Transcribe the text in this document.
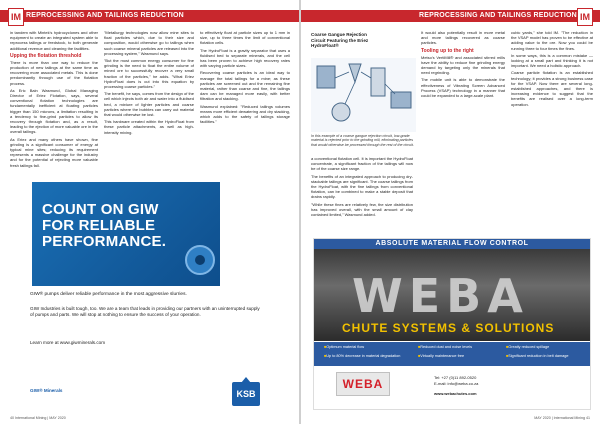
REPROCESSING AND TAILINGS REDUCTION
IM

in tandem with Mintek's hydrocyclones and other equipment to create an integrated system able to reprocess tailings or feedstock, to both generate additional revenue and cleaning the facilities.

Upping the flotation threshold

There is more than one way to reduce the production of new tailings at the same time as recovering more associated metals. This is done predominantly through use of the flotation process.

As Eric Bain Wasmund, Global Managing Director of Eriez Flotation, says, several conventional flotation technologies are fundamentally inefficient at floating particles bigger than 150 microns, a limitation resulting in a tendency to fine-grind particles to allow its recovery through flotation and, as a result, leading to the ejection of more valuable ore in the overall tailings.

As Eriez and many others have shown, fine grinding is a significant consumer of energy at typical mine sites; reducing its requirement represents a massive challenge for the industry and for the potential of rejecting more valuable fresh tailings fall.

"Metallurgy technologies now allow mine sites to float particles which, due to their size and composition, would otherwise go to tailings when such coarse mineral particles are released into the processing system," Wasmund says.

"But the most common energy consumer for fine grinding is the need to float the entire volume of mined ore to successfully recover a very small fraction of the particles," he adds. "What Eriez HydroFloat does is cut into this equation by processing coarse particles."

The benefit, he says, comes from the design of the cell which injects both air and water into a fluidised bed, a mixture of lighter particles and coarse particles where the bubbles can carry out material that would otherwise be lost.

This hardware created within the HydroFloat from these particle attachments, as well as high-intensity mixing.

to effectively float at particle sizes up to 1 mm in size, up to three times the limit of conventional flotation cells.

The HydroFloat is a gravity separator that uses a fluidised bed to separate minerals, and the cell has been proven to achieve high recovery rates with varying particle sizes.

Recovering coarse particles is an ideal way to manage the total tailings for a mine; as these particles are screened out and the remaining fine material, rather than coarse and fine, the tailings dam can be managed more easily, with better filtration and stacking.

Wasmund explained: "Reduced tailings volumes means more efficient dewatering and dry stacking, which adds to the safety of tailings storage facilities."

COUNT ON GIW
FOR RELIABLE
PERFORMANCE.
GIW® pumps deliver reliable performance in the most aggressive slurries.
GIW Industries is built tough, too. We are a team that leads in providing our partners with an uninterrupted supply of pumps and parts. We will stop at nothing to ensure the success of your operation.
Learn more at www.giwminerals.com
GIW® Minerals	KSB
40 International Mining | MAY 2020
REPROCESSING AND TAILINGS REDUCTION IM
Coarse Gangue Rejection Circuit Featuring the Eriez HydroFloat®
In this example of a coarse gangue rejection circuit, low-grade material is rejected prior to the grinding mill, eliminating particles that would otherwise be processed through the rest of the circuit.

a conventional flotation cell. It is important the HydroFloat concentrate, a significant fraction of the tailings will now be of the coarse size range.

The benefits of an integrated approach to producing dry-stackable tailings are significant. The coarse tailings from the HydroFloat, with the fine tailings from conventional flotation, can be combined to make a stable deposit that drains rapidly.

"While these fines are relatively few, the size distribution has improved overall, with the small amount of clay contained limited," Wasmund added.

It would also potentially result in more metal and more tailings recovered as coarse particles.

Tooling up to the right

Metso's VertiMill® and associated stirred mills have the ability to reduce fine grinding energy demand by targeting only the minerals that need regrinding.

The mobile unit is able to demonstrate the effectiveness of Vibrating Screen Advanced Process (VSAP) technology in a manner that could be expanded to a large-scale plant.

cubic yards," she told IM. "The reduction in the VSAP model has proven to be effective at adding value to the ore. Now you could be running three to four times the fines.

In some ways, this is a common mistake — looking at a small part and thinking it is not important. We need a holistic approach.

Coarse particle flotation is an established technology; it provides a strong business case for the VSAP. Now there are several long-established approaches, and there is increasing evidence to suggest that the benefits are realised over a long-term operation.

ABSOLUTE MATERIAL FLOW CONTROL
WEBA
CHUTE SYSTEMS & SOLUTIONS
■ Optimum material flow
■ Up to 80% decrease in material degradation
■ Reduced dust and noise levels
■ Virtually maintenance free
■ Greatly reduced spillage
■ Significant reduction in belt damage
WEBA	Tel: +27 (0)11 892-0520
E-mail: info@weba.co.za
www.webachutes.com
MAY 2020 | International Mining 41
